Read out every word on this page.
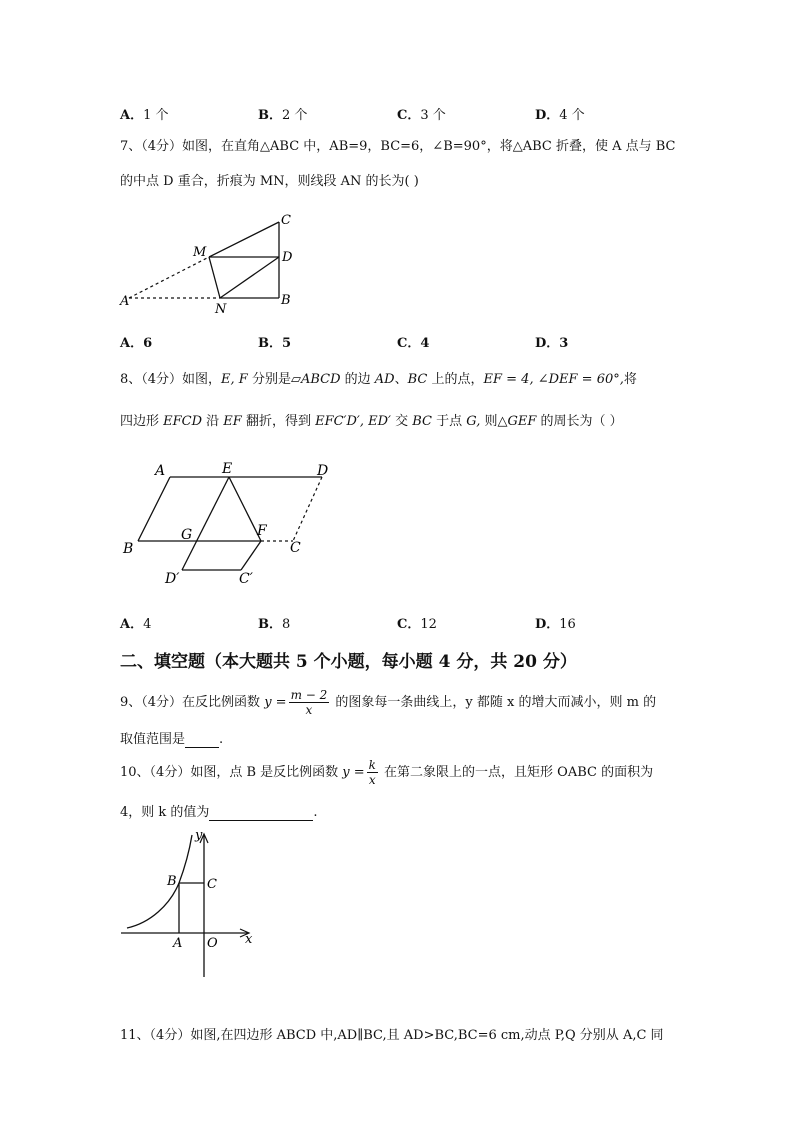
A．1 个	B．2 个	C．3 个	D．4 个
7、（4分）如图，在直角△ABC 中，AB=9，BC=6，∠B=90°，将△ABC 折叠，使 A 点与 BC
的中点 D 重合，折痕为 MN，则线段 AN 的长为( )
C
M	D
A
N
B
A．6	B．5	C．4	D．3
8、（4分）如图，E, F 分别是▱ABCD 的边 AD、BC 上的点，EF = 4, ∠DEF = 60°,将
四边形 EFCD 沿 EF 翻折，得到 EFC′D′, ED′ 交 BC 于点 G, 则△GEF 的周长为（ ）
A	E	D
B
G	F
C
D′	C′
A．4	B．8	C．12	D．16
二、填空题（本大题共 5 个小题，每小题 4 分，共 20 分）
9、（4分）在反比例函数 $y = \frac{m - 2}{x}$ 的图象每一条曲线上，y 都随 x 的增大而减小，则 m 的
取值范围是	.
10、（4分）如图，点 B 是反比例函数 $y = \frac{k}{x}$ 在第二象限上的一点，且矩形 OABC 的面积为
4，则 k 的值为	.
y
B C
A O x
11、（4分）如图,在四边形 ABCD 中,AD∥BC,且 AD>BC,BC=6 cm,动点 P,Q 分别从 A,C 同
